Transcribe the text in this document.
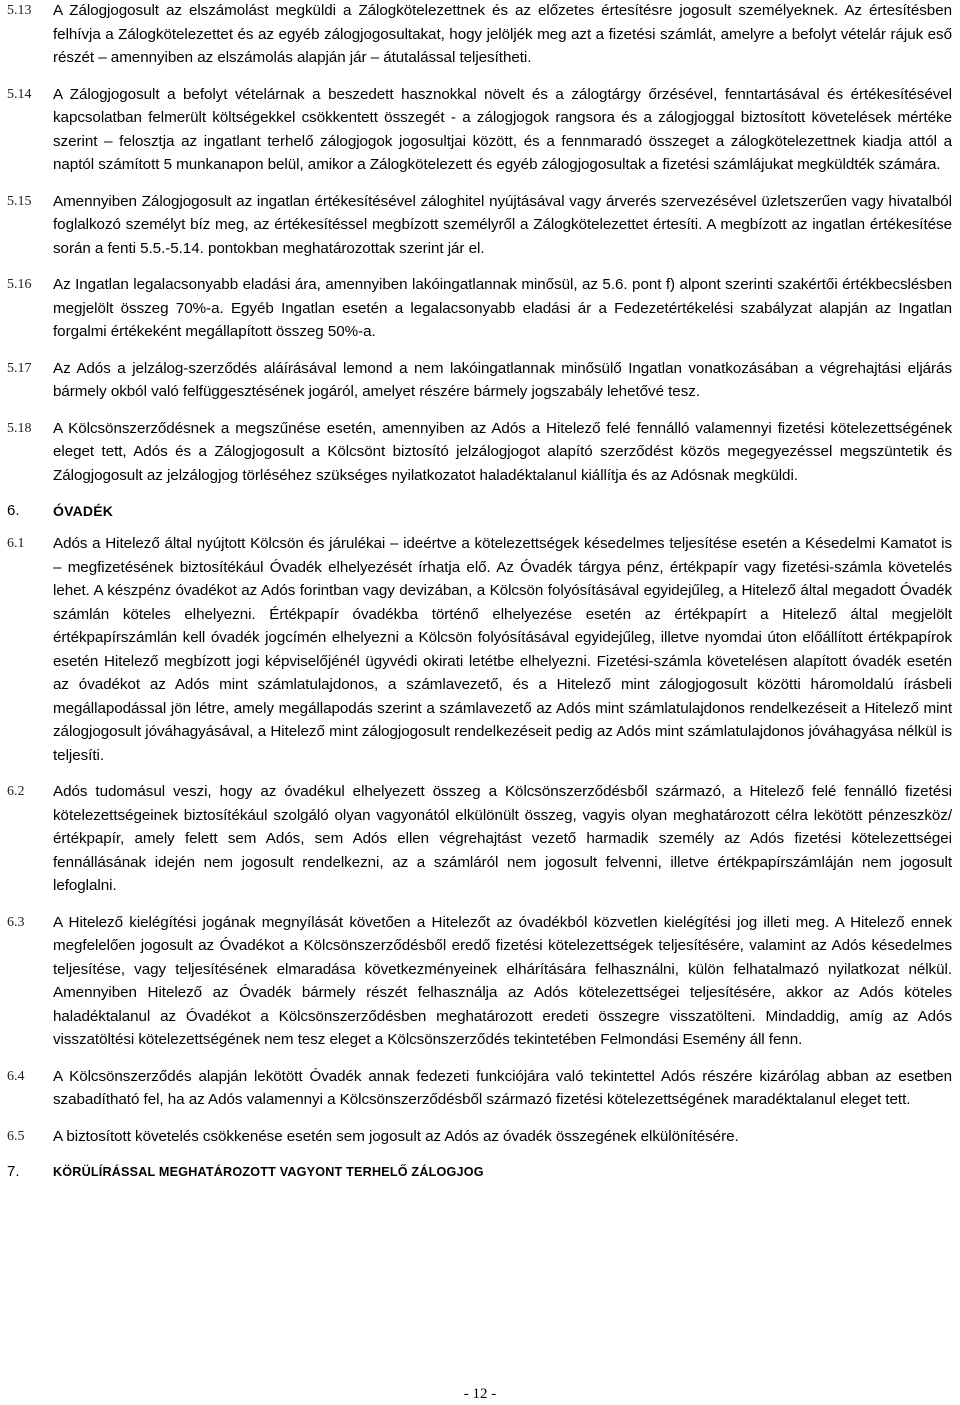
5.13	A Zálogjogosult az elszámolást megküldi a Zálogkötelezettnek és az előzetes értesítésre jogosult személyeknek. Az értesítésben felhívja a Zálogkötelezettet és az egyéb zálogjogosultakat, hogy jelöljék meg azt a fizetési számlát, amelyre a befolyt vételár rájuk eső részét – amennyiben az elszámolás alapján jár – átutalással teljesítheti.
5.14	A Zálogjogosult a befolyt vételárnak a beszedett hasznokkal növelt és a zálogtárgy őrzésével, fenntartásával és értékesítésével kapcsolatban felmerült költségekkel csökkentett összegét - a zálogjogok rangsora és a zálogjoggal biztosított követelések mértéke szerint – felosztja az ingatlant terhelő zálogjogok jogosultjai között, és a fennmaradó összeget a zálogkötelezettnek kiadja attól a naptól számított 5 munkanapon belül, amikor a Zálogkötelezett és egyéb zálogjogosultak a fizetési számlájukat megküldték számára.
5.15	Amennyiben Zálogjogosult az ingatlan értékesítésével záloghitel nyújtásával vagy árverés szervezésével üzletszerűen vagy hivatalból foglalkozó személyt bíz meg, az értékesítéssel megbízott személyről a Zálogkötelezettet értesíti. A megbízott az ingatlan értékesítése során a fenti 5.5.-5.14. pontokban meghatározottak szerint jár el.
5.16	Az Ingatlan legalacsonyabb eladási ára, amennyiben lakóingatlannak minősül, az 5.6. pont f) alpont szerinti szakértői értékbecslésben megjelölt összeg 70%-a. Egyéb Ingatlan esetén a legalacsonyabb eladási ár a Fedezetértékelési szabályzat alapján az Ingatlan forgalmi értékeként megállapított összeg 50%-a.
5.17	Az Adós a jelzálog-szerződés aláírásával lemond a nem lakóingatlannak minősülő Ingatlan vonatkozásában a végrehajtási eljárás bármely okból való felfüggesztésének jogáról, amelyet részére bármely jogszabály lehetővé tesz.
5.18	A Kölcsönszerződésnek a megszűnése esetén, amennyiben az Adós a Hitelező felé fennálló valamennyi fizetési kötelezettségének eleget tett, Adós és a Zálogjogosult a Kölcsönt biztosító jelzálogjogot alapító szerződést közös megegyezéssel megszüntetik és Zálogjogosult az jelzálogjog törléséhez szükséges nyilatkozatot haladéktalanul kiállítja és az Adósnak megküldi.
6.	ÓVADÉK
6.1	Adós a Hitelező által nyújtott Kölcsön és járulékai – ideértve a kötelezettségek késedelmes teljesítése esetén a Késedelmi Kamatot is – megfizetésének biztosítékául Óvadék elhelyezését írhatja elő. Az Óvadék tárgya pénz, értékpapír vagy fizetési-számla követelés lehet. A készpénz óvadékot az Adós forintban vagy devizában, a Kölcsön folyósításával egyidejűleg, a Hitelező által megadott Óvadék számlán köteles elhelyezni. Értékpapír óvadékba történő elhelyezése esetén az értékpapírt a Hitelező által megjelölt értékpapírszámlán kell óvadék jogcímén elhelyezni a Kölcsön folyósításával egyidejűleg, illetve nyomdai úton előállított értékpapírok esetén Hitelező megbízott jogi képviselőjénél ügyvédi okirati letétbe elhelyezni. Fizetési-számla követelésen alapított óvadék esetén az óvadékot az Adós mint számlatulajdonos, a számlavezető, és a Hitelező mint zálogjogosult közötti háromoldalú írásbeli megállapodással jön létre, amely megállapodás szerint a számlavezető az Adós mint számlatulajdonos rendelkezéseit a Hitelező mint zálogjogosult jóváhagyásával, a Hitelező mint zálogjogosult rendelkezéseit pedig az Adós mint számlatulajdonos jóváhagyása nélkül is teljesíti.
6.2	Adós tudomásul veszi, hogy az óvadékul elhelyezett összeg a Kölcsönszerződésből származó, a Hitelező felé fennálló fizetési kötelezettségeinek biztosítékául szolgáló olyan vagyonától elkülönült összeg, vagyis olyan meghatározott célra lekötött pénzeszköz/értékpapír, amely felett sem Adós, sem Adós ellen végrehajtást vezető harmadik személy az Adós fizetési kötelezettségei fennállásának idején nem jogosult rendelkezni, az a számláról nem jogosult felvenni, illetve értékpapírszámláján nem jogosult lefoglalni.
6.3	A Hitelező kielégítési jogának megnyílását követően a Hitelezőt az óvadékból közvetlen kielégítési jog illeti meg. A Hitelező ennek megfelelően jogosult az Óvadékot a Kölcsönszerződésből eredő fizetési kötelezettségek teljesítésére, valamint az Adós késedelmes teljesítése, vagy teljesítésének elmaradása következményeinek elhárítására felhasználni, külön felhatalmazó nyilatkozat nélkül. Amennyiben Hitelező az Óvadék bármely részét felhasználja az Adós kötelezettségei teljesítésére, akkor az Adós köteles haladéktalanul az Óvadékot a Kölcsönszerződésben meghatározott eredeti összegre visszatölteni. Mindaddig, amíg az Adós visszatöltési kötelezettségének nem tesz eleget a Kölcsönszerződés tekintetében Felmondási Esemény áll fenn.
6.4	A Kölcsönszerződés alapján lekötött Óvadék annak fedezeti funkciójára való tekintettel Adós részére kizárólag abban az esetben szabadítható fel, ha az Adós valamennyi a Kölcsönszerződésből származó fizetési kötelezettségének maradéktalanul eleget tett.
6.5	A biztosított követelés csökkenése esetén sem jogosult az Adós az óvadék összegének elkülönítésére.
7.	KÖRÜLÍRÁSSAL MEGHATÁROZOTT VAGYONT TERHELŐ ZÁLOGJOG
- 12 -
